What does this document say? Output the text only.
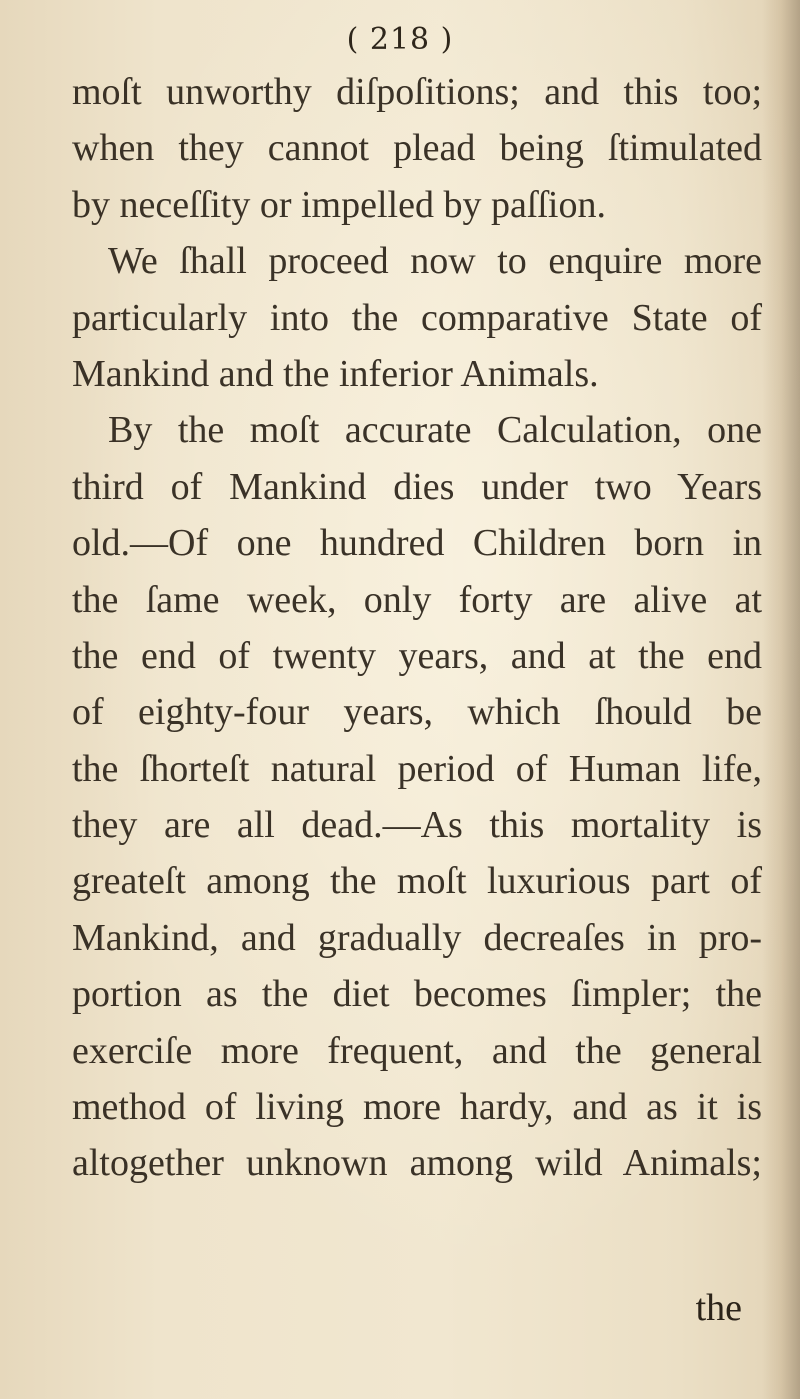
( 218 )
moſt unworthy diſpoſitions; and this too;
when they cannot plead being ſtimulated
by neceſſity or impelled by paſſion.
We ſhall proceed now to enquire more
particularly into the comparative State of
Mankind and the inferior Animals.
By the moſt accurate Calculation, one
third of Mankind dies under two Years
old.—Of one hundred Children born in
the ſame week, only forty are alive at
the end of twenty years, and at the end
of eighty-four years, which ſhould be
the ſhorteſt natural period of Human life,
they are all dead.—As this mortality is
greateſt among the moſt luxurious part of
Mankind, and gradually decreaſes in pro-
portion as the diet becomes ſimpler; the
exerciſe more frequent, and the general
method of living more hardy, and as it is
altogether unknown among wild Animals;
the
